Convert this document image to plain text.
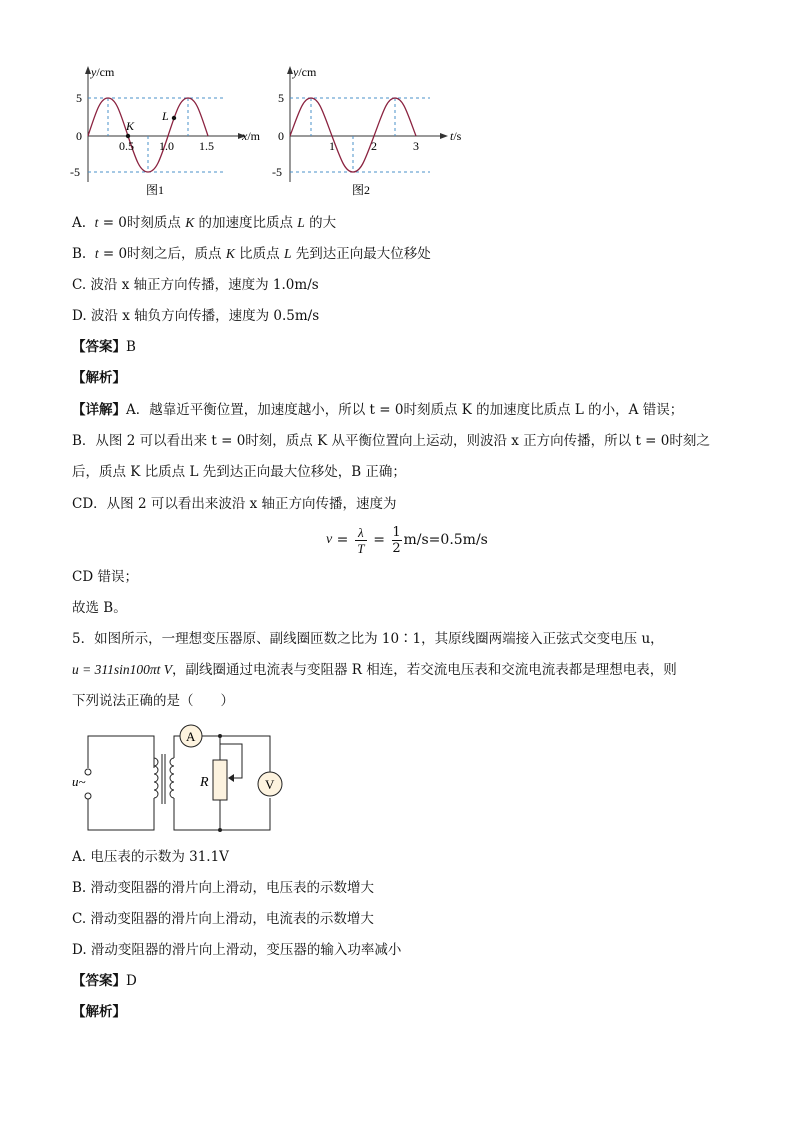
K
L
y/cm
x/m
5
0
-5
0.5 1.0 1.5
图1
y/cm
t/s
5
0
-5
1	2	3
图2
A. t = 0时刻质点 K 的加速度比质点 L 的大
B. t = 0时刻之后，质点 K 比质点 L 先到达正向最大位移处
C. 波沿 x 轴正方向传播，速度为 1.0m/s
D. 波沿 x 轴负方向传播，速度为 0.5m/s
【答案】B
【解析】
【详解】A．越靠近平衡位置，加速度越小，所以 t = 0时刻质点 K 的加速度比质点 L 的小，A 错误；
B．从图 2 可以看出来 t = 0时刻，质点 K 从平衡位置向上运动，则波沿 x 正方向传播，所以 t = 0时刻之
后，质点 K 比质点 L 先到达正向最大位移处，B 正确；
CD．从图 2 可以看出来波沿 x 轴正方向传播，速度为
v = λ
T = 1
2 m/s=0.5m/s
CD 错误；
故选 B。
5．如图所示，一理想变压器原、副线圈匝数之比为 10∶1，其原线圈两端接入正弦式交变电压 u，
u = 311sin100πt V，副线圈通过电流表与变阻器 R 相连，若交流电压表和交流电流表都是理想电表，则
下列说法正确的是（　　）
u~
A
R	V
A. 电压表的示数为 31.1V
B. 滑动变阻器的滑片向上滑动，电压表的示数增大
C. 滑动变阻器的滑片向上滑动，电流表的示数增大
D. 滑动变阻器的滑片向上滑动，变压器的输入功率减小
【答案】D
【解析】
